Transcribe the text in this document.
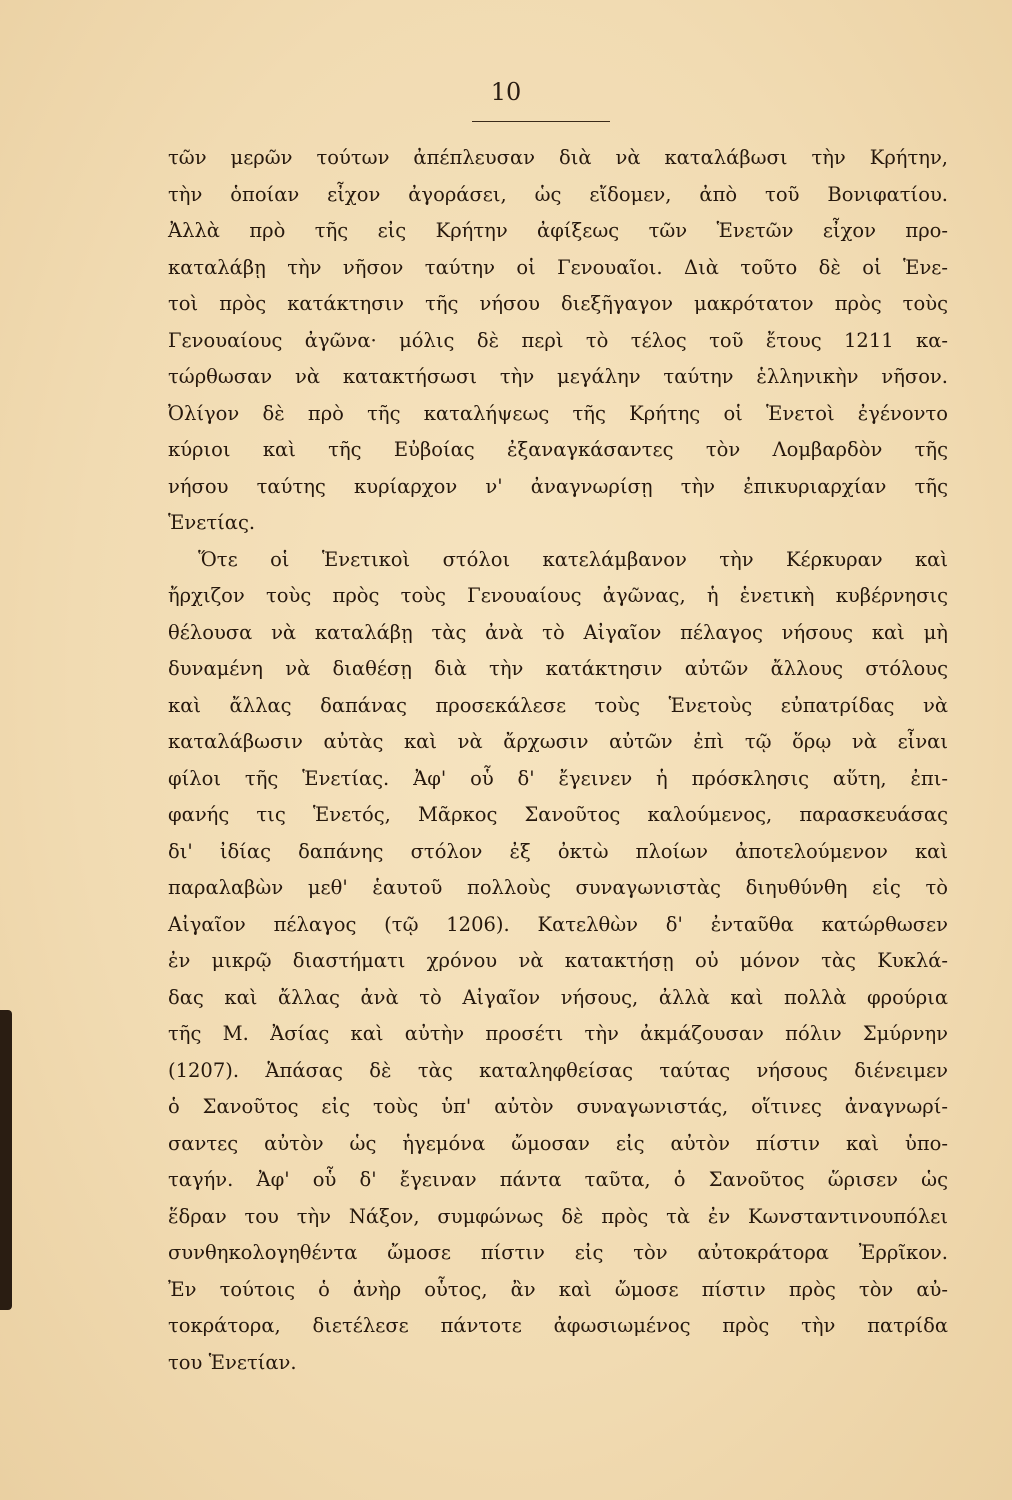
10
τῶν μερῶν τούτων ἀπέπλευσαν διὰ νὰ καταλάβωσι τὴν Κρήτην,
τὴν ὁποίαν εἶχον ἀγοράσει, ὡς εἴδομεν, ἀπὸ τοῦ Βονιφατίου.
Ἀλλὰ πρὸ τῆς εἰς Κρήτην ἀφίξεως τῶν Ἑνετῶν εἶχον προ-
καταλάβῃ τὴν νῆσον ταύτην οἱ Γενουαῖοι. Διὰ τοῦτο δὲ οἱ Ἑνε-
τοὶ πρὸς κατάκτησιν τῆς νήσου διεξῆγαγον μακρότατον πρὸς τοὺς
Γενουαίους ἀγῶνα· μόλις δὲ περὶ τὸ τέλος τοῦ ἔτους 1211 κα-
τώρθωσαν νὰ κατακτήσωσι τὴν μεγάλην ταύτην ἑλληνικὴν νῆσον.
Ὀλίγον δὲ πρὸ τῆς καταλήψεως τῆς Κρήτης οἱ Ἑνετοὶ ἐγένοντο
κύριοι καὶ τῆς Εὐβοίας ἐξαναγκάσαντες τὸν Λομβαρδὸν τῆς
νήσου ταύτης κυρίαρχον ν' ἀναγνωρίσῃ τὴν ἐπικυριαρχίαν τῆς
Ἑνετίας.
Ὅτε οἱ Ἑνετικοὶ στόλοι κατελάμβανον τὴν Κέρκυραν καὶ
ἤρχιζον τοὺς πρὸς τοὺς Γενουαίους ἀγῶνας, ἡ ἑνετικὴ κυβέρνησις
θέλουσα νὰ καταλάβῃ τὰς ἀνὰ τὸ Αἰγαῖον πέλαγος νήσους καὶ μὴ
δυναμένη νὰ διαθέσῃ διὰ τὴν κατάκτησιν αὐτῶν ἄλλους στόλους
καὶ ἄλλας δαπάνας προσεκάλεσε τοὺς Ἑνετοὺς εὐπατρίδας νὰ
καταλάβωσιν αὐτὰς καὶ νὰ ἄρχωσιν αὐτῶν ἐπὶ τῷ ὅρῳ νὰ εἶναι
φίλοι τῆς Ἑνετίας. Ἀφ' οὗ δ' ἔγεινεν ἡ πρόσκλησις αὕτη, ἐπι-
φανής τις Ἑνετός, Μᾶρκος Σανοῦτος καλούμενος, παρασκευάσας
δι' ἰδίας δαπάνης στόλον ἐξ ὀκτὼ πλοίων ἀποτελούμενον καὶ
παραλαβὼν μεθ' ἑαυτοῦ πολλοὺς συναγωνιστὰς διηυθύνθη εἰς τὸ
Αἰγαῖον πέλαγος (τῷ 1206). Κατελθὼν δ' ἐνταῦθα κατώρθωσεν
ἐν μικρῷ διαστήματι χρόνου νὰ κατακτήσῃ οὐ μόνον τὰς Κυκλά-
δας καὶ ἄλλας ἀνὰ τὸ Αἰγαῖον νήσους, ἀλλὰ καὶ πολλὰ φρούρια
τῆς Μ. Ἀσίας καὶ αὐτὴν προσέτι τὴν ἀκμάζουσαν πόλιν Σμύρνην
(1207). Ἁπάσας δὲ τὰς καταληφθείσας ταύτας νήσους διένειμεν
ὁ Σανοῦτος εἰς τοὺς ὑπ' αὐτὸν συναγωνιστάς, οἵτινες ἀναγνωρί-
σαντες αὐτὸν ὡς ἡγεμόνα ὤμοσαν εἰς αὐτὸν πίστιν καὶ ὑπο-
ταγήν. Ἀφ' οὗ δ' ἔγειναν πάντα ταῦτα, ὁ Σανοῦτος ὥρισεν ὡς
ἕδραν του τὴν Νάξον, συμφώνως δὲ πρὸς τὰ ἐν Κωνσταντινουπόλει
συνθηκολογηθέντα ὤμοσε πίστιν εἰς τὸν αὐτοκράτορα Ἐρρῖκον.
Ἐν τούτοις ὁ ἀνὴρ οὗτος, ἂν καὶ ὤμοσε πίστιν πρὸς τὸν αὐ-
τοκράτορα, διετέλεσε πάντοτε ἀφωσιωμένος πρὸς τὴν πατρίδα
του Ἑνετίαν.
